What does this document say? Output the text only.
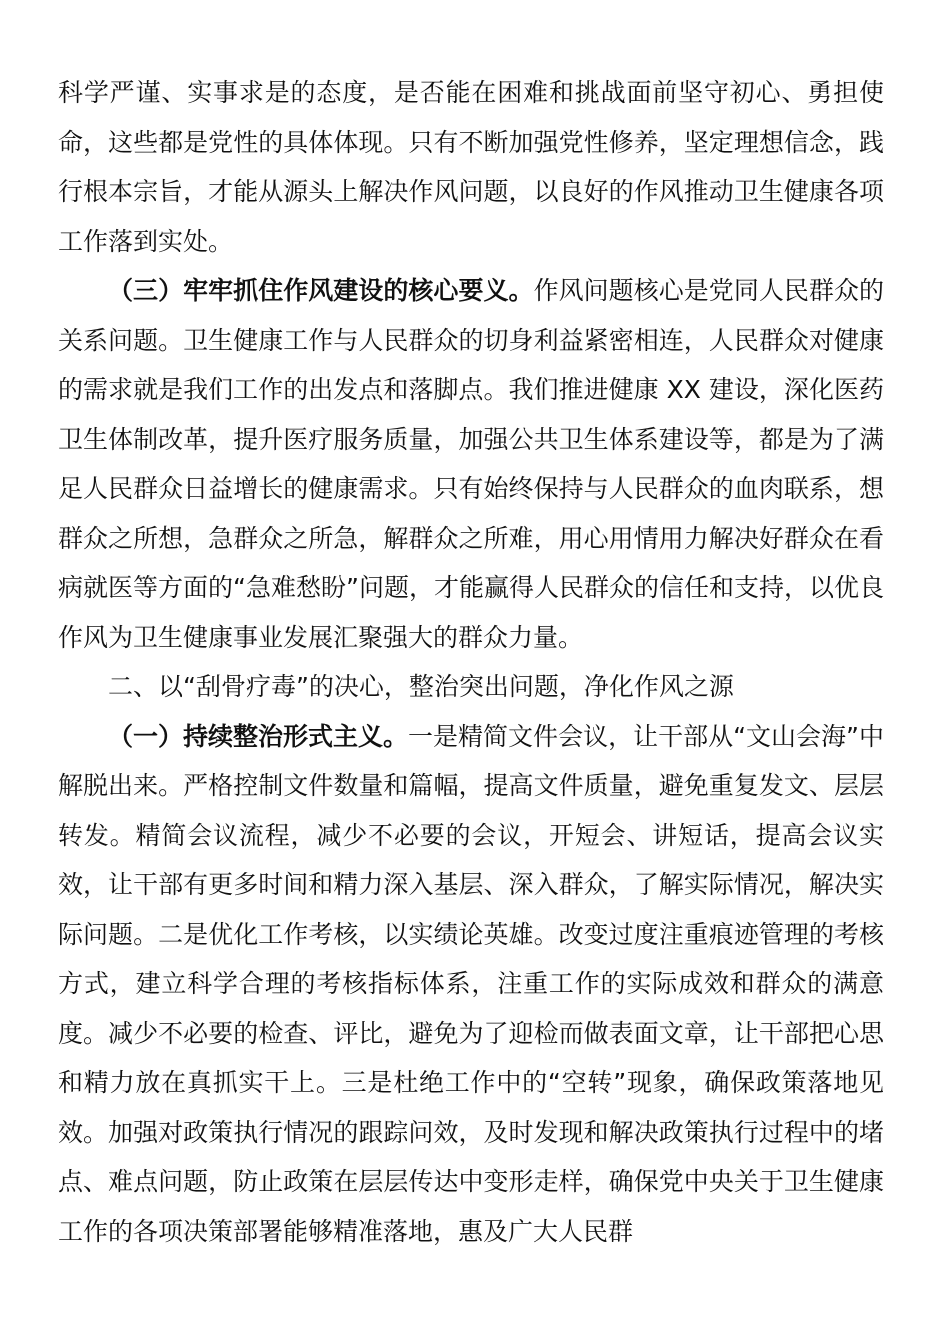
科学严谨、实事求是的态度，是否能在困难和挑战面前坚守初心、勇担使命，这些都是党性的具体体现。只有不断加强党性修养，坚定理想信念，践行根本宗旨，才能从源头上解决作风问题，以良好的作风推动卫生健康各项工作落到实处。

（三）牢牢抓住作风建设的核心要义。作风问题核心是党同人民群众的关系问题。卫生健康工作与人民群众的切身利益紧密相连，人民群众对健康的需求就是我们工作的出发点和落脚点。我们推进健康 XX 建设，深化医药卫生体制改革，提升医疗服务质量，加强公共卫生体系建设等，都是为了满足人民群众日益增长的健康需求。只有始终保持与人民群众的血肉联系，想群众之所想，急群众之所急，解群众之所难，用心用情用力解决好群众在看病就医等方面的“急难愁盼”问题，才能赢得人民群众的信任和支持，以优良作风为卫生健康事业发展汇聚强大的群众力量。

二、以“刮骨疗毒”的决心，整治突出问题，净化作风之源

（一）持续整治形式主义。一是精简文件会议，让干部从“文山会海”中解脱出来。严格控制文件数量和篇幅，提高文件质量，避免重复发文、层层转发。精简会议流程，减少不必要的会议，开短会、讲短话，提高会议实效，让干部有更多时间和精力深入基层、深入群众，了解实际情况，解决实际问题。二是优化工作考核，以实绩论英雄。改变过度注重痕迹管理的考核方式，建立科学合理的考核指标体系，注重工作的实际成效和群众的满意度。减少不必要的检查、评比，避免为了迎检而做表面文章，让干部把心思和精力放在真抓实干上。三是杜绝工作中的“空转”现象，确保政策落地见效。加强对政策执行情况的跟踪问效，及时发现和解决政策执行过程中的堵点、难点问题，防止政策在层层传达中变形走样，确保党中央关于卫生健康工作的各项决策部署能够精准落地，惠及广大人民群
